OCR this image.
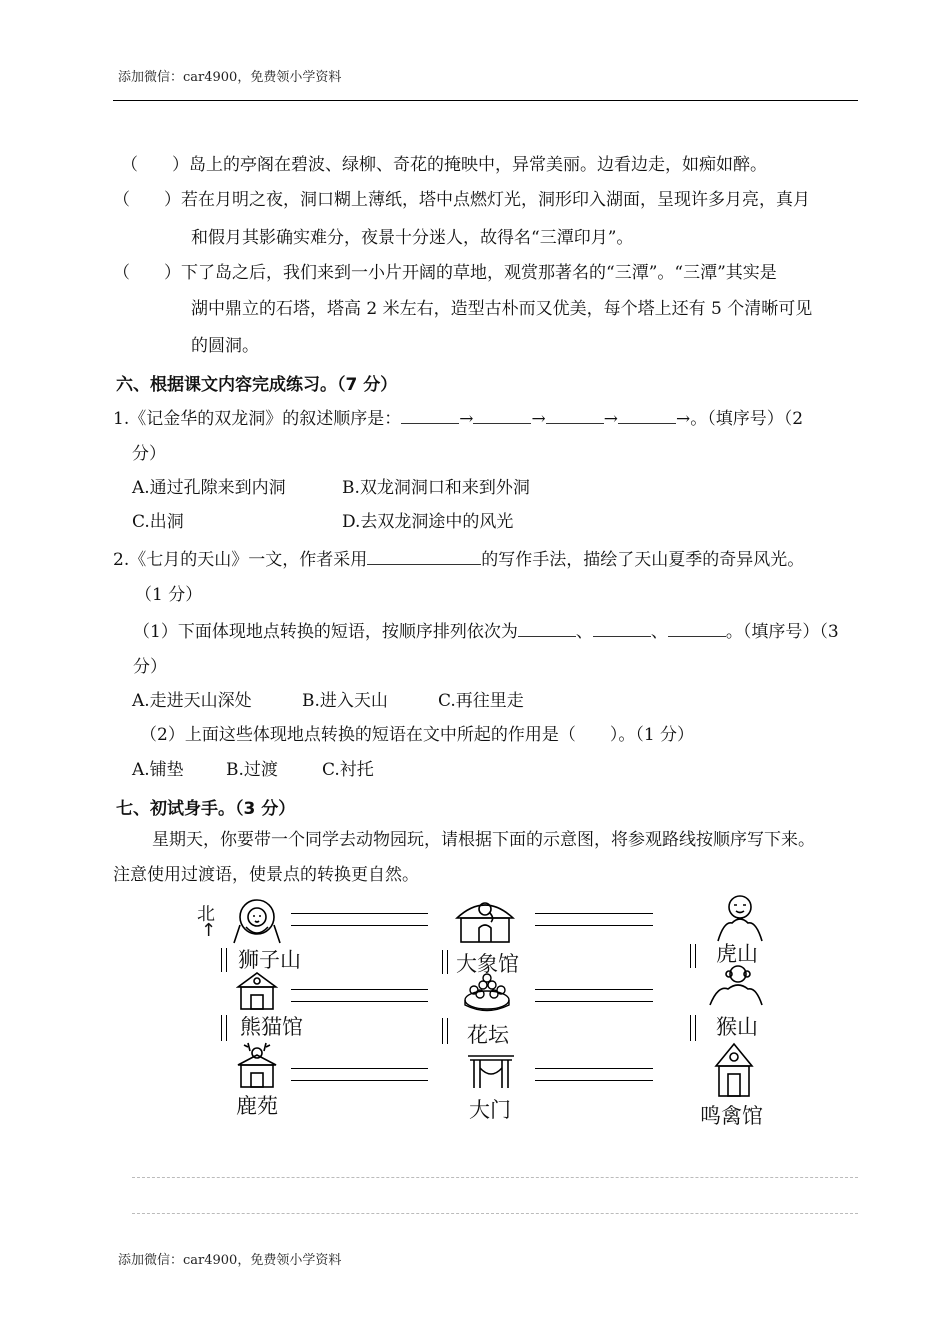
添加微信：car4900，免费领小学资料
（　　）岛上的亭阁在碧波、绿柳、奇花的掩映中，异常美丽。边看边走，如痴如醉。
（　　）若在月明之夜，洞口糊上薄纸，塔中点燃灯光，洞形印入湖面，呈现许多月亮，真月
和假月其影确实难分，夜景十分迷人，故得名“三潭印月”。
（　　）下了岛之后，我们来到一小片开阔的草地，观赏那著名的“三潭”。“三潭”其实是
湖中鼎立的石塔，塔高 2 米左右，造型古朴而又优美，每个塔上还有 5 个清晰可见
的圆洞。
六、根据课文内容完成练习。（7 分）
1.《记金华的双龙洞》的叙述顺序是：	→	→	→	→。（填序号）（2
分）
A.通过孔隙来到内洞	B.双龙洞洞口和来到外洞
C.出洞	D.去双龙洞途中的风光
2.《七月的天山》一文，作者采用	的写作手法，描绘了天山夏季的奇异风光。
（1 分）
（1）下面体现地点转换的短语，按顺序排列依次为	、	、	。（填序号）（3
分）
A.走进天山深处	B.进入天山	C.再往里走
（2）上面这些体现地点转换的短语在文中所起的作用是（　　）。（1 分）
A.铺垫 B.过渡	C.衬托
七、初试身手。（3 分）
星期天，你要带一个同学去动物园玩，请根据下面的示意图，将参观路线按顺序写下来。
注意使用过渡语，使景点的转换更自然。
北
↑
狮子山	大象馆	虎山
熊猫馆	花坛	猴山
鹿苑	大门	鸣禽馆
添加微信：car4900，免费领小学资料
